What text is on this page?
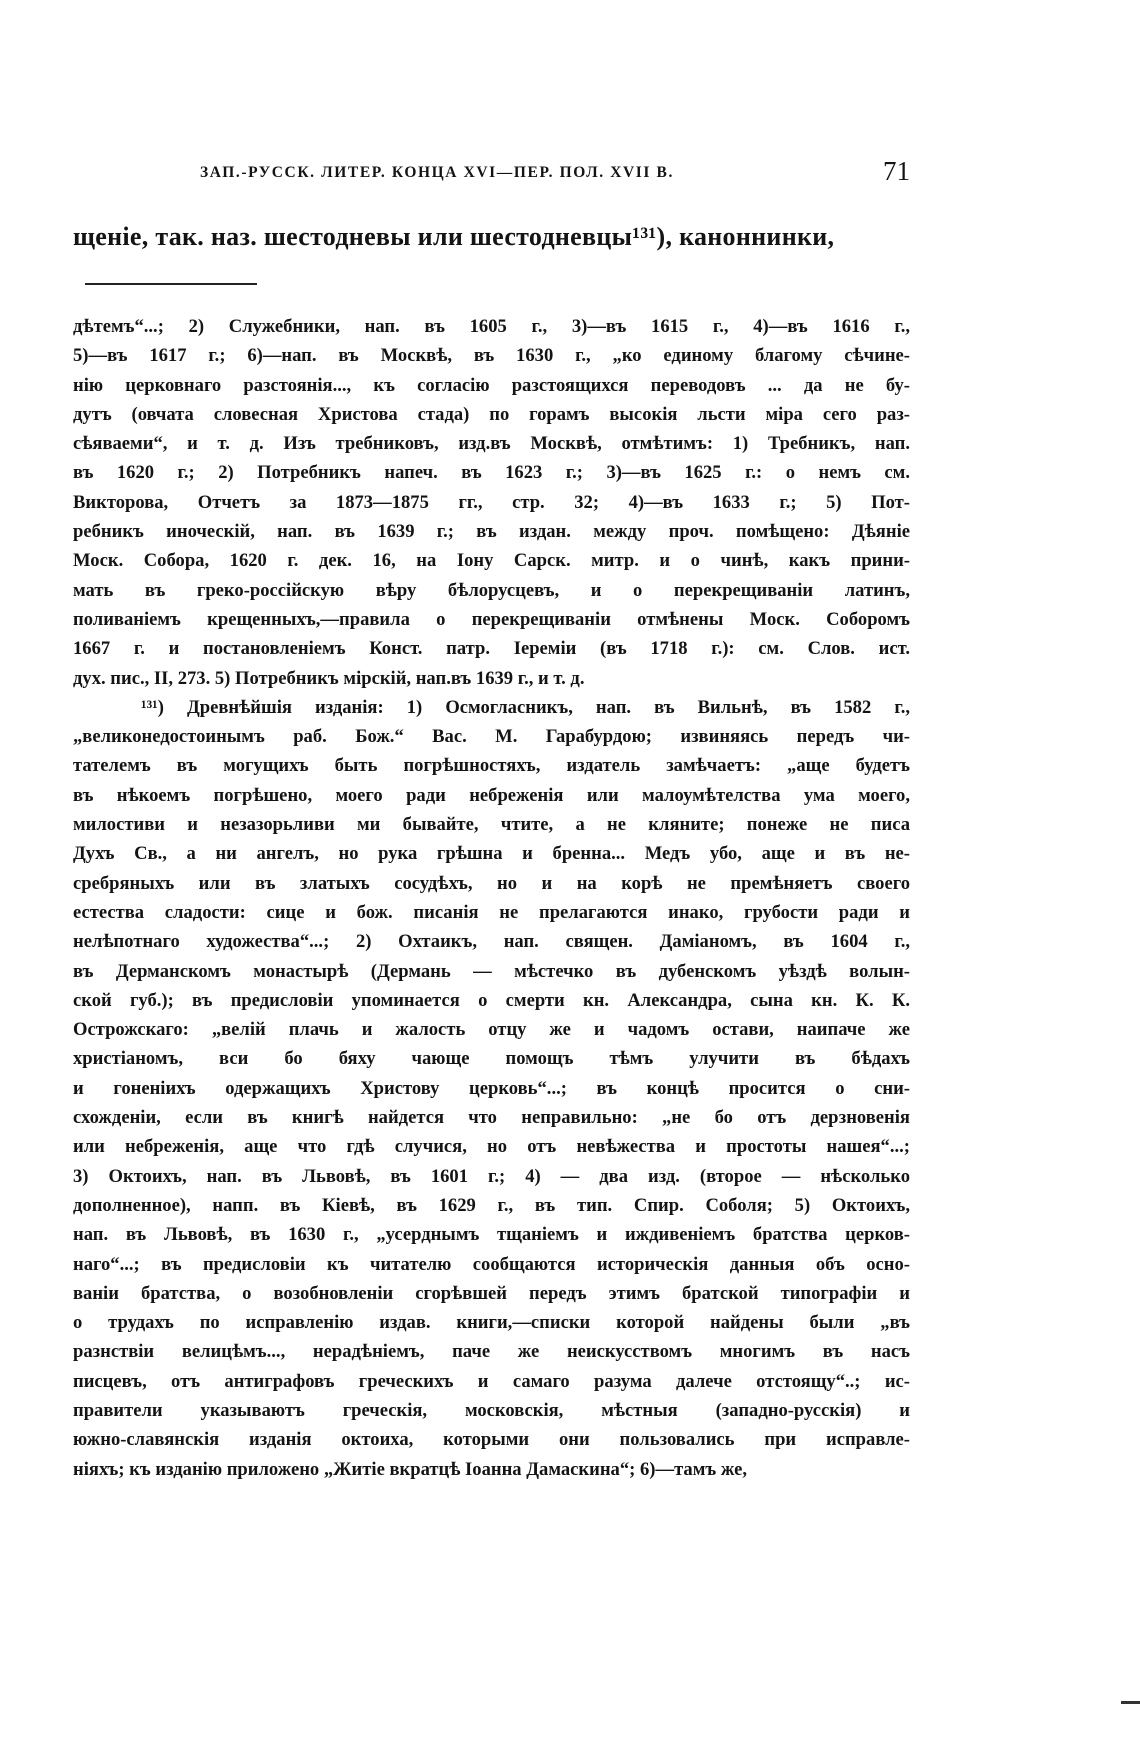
ЗАП.-РУССК. ЛИТЕР. КОНЦА XVI—ПЕР. ПОЛ. XVII В.	71
щеніе, так. наз. шестодневы или шестодневцы¹³¹), каноннинки,
дѣтемъ“...; 2) Служебники, нап. въ 1605 г., 3)—въ 1615 г., 4)—въ 1616 г.,
5)—въ 1617 г.; 6)—нап. въ Москвѣ, въ 1630 г., „ко единому благому сѣчине-
нію церковнаго разстоянія..., къ согласію разстоящихся переводовъ ... да не бу-
дутъ (овчата словесная Христова стада) по горамъ высокія льсти міра сего раз-
сѣяваеми“, и т. д. Изъ требниковъ, изд.въ Москвѣ, отмѣтимъ: 1) Требникъ, нап.
въ 1620 г.; 2) Потребникъ напеч. въ 1623 г.; 3)—въ 1625 г.: о немъ см.
Викторова, Отчетъ за 1873—1875 гг., стр. 32; 4)—въ 1633 г.; 5) Пот-
ребникъ иноческій, нап. въ 1639 г.; въ издан. между проч. помѣщено: Дѣяніе
Моск. Собора, 1620 г. дек. 16, на Іону Сарск. митр. и о чинѣ, какъ прини-
мать въ греко-россійскую вѣру бѣлорусцевъ, и о перекрещиваніи латинъ,
поливаніемъ крещенныхъ,—правила о перекрещиваніи отмѣнены Моск. Соборомъ
1667 г. и постановленіемъ Конст. патр. Іереміи (въ 1718 г.): см. Слов. ист.
дух. пис., II, 273. 5) Потребникъ мірскій, нап.въ 1639 г., и т. д.
¹³¹) Древнѣйшія изданія: 1) Осмогласникъ, нап. въ Вильнѣ, въ 1582 г.,
„великонедостоинымъ раб. Бож.“ Вас. М. Гарабурдою; извиняясь передъ чи-
тателемъ въ могущихъ быть погрѣшностяхъ, издатель замѣчаетъ: „аще будетъ
въ нѣкоемъ погрѣшено, моего ради небреженія или малоумѣтелства ума моего,
милостиви и незазорьливи ми бывайте, чтите, а не кляните; понеже не писа
Духъ Св., а ни ангелъ, но рука грѣшна и бренна... Медъ убо, аще и въ не-
сребряныхъ или въ златыхъ сосудѣхъ, но и на корѣ не премѣняетъ своего
естества сладости: сице и бож. писанія не прелагаются инако, грубости ради и
нелѣпотнаго художества“...; 2) Охтаикъ, нап. священ. Даміаномъ, въ 1604 г.,
въ Дерманскомъ монастырѣ (Дермань — мѣстечко въ дубенскомъ уѣздѣ волын-
ской губ.); въ предисловіи упоминается о смерти кн. Александра, сына кн. К. К.
Острожскаго: „велій плачь и жалость отцу же и чадомъ остави, наипаче же
христіаномъ, вси бо бяху чающе помощъ тѣмъ улучити въ бѣдахъ
и гоненіихъ одержащихъ Христову церковь“...; въ концѣ просится о сни-
схожденіи, если въ книгѣ найдется что неправильно: „не бо отъ дерзновенія
или небреженія, аще что гдѣ случися, но отъ невѣжества и простоты нашея“...;
3) Октоихъ, нап. въ Львовѣ, въ 1601 г.; 4) — два изд. (второе — нѣсколько
дополненное), напп. въ Кіевѣ, въ 1629 г., въ тип. Спир. Соболя; 5) Октоихъ,
нап. въ Львовѣ, въ 1630 г., „усерднымъ тщаніемъ и иждивеніемъ братства церков-
наго“...; въ предисловіи къ читателю сообщаются историческія данныя объ осно-
ваніи братства, о возобновленіи сгорѣвшей передъ этимъ братской типографіи и
о трудахъ по исправленію издав. книги,—списки которой найдены были „въ
разнствіи велицѣмъ..., нерадѣніемъ, паче же неискусствомъ многимъ въ насъ
писцевъ, отъ антиграфовъ греческихъ и самаго разума далече отстоящу“..; ис-
правители указываютъ греческія, московскія, мѣстныя (западно-русскія) и
южно-славянскія изданія октоиха, которыми они пользовались при исправле-
ніяхъ; къ изданію приложено „Житіе вкратцѣ Іоанна Дамаскина“; 6)—тамъ же,
